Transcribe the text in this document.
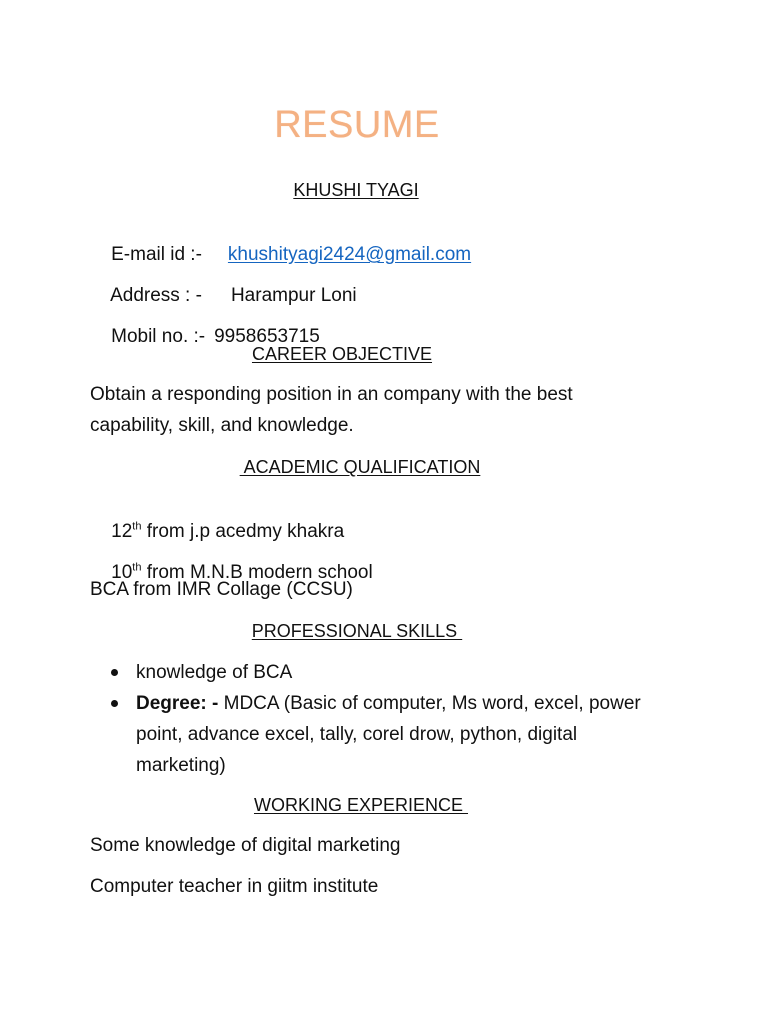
RESUME
KHUSHI TYAGI

E-mail id :- khushityagi2424@gmail.com

Address : - Harampur Loni

Mobil no. :- 9958653715

CAREER OBJECTIVE
Obtain a responding position in an company with the best
capability, skill, and knowledge.
ACADEMIC QUALIFICATION

12th from j.p acedmy khakra

10th from M.N.B modern school

BCA from IMR Collage (CCSU)
PROFESSIONAL SKILLS
knowledge of BCA
Degree: - MDCA (Basic of computer, Ms word, excel, power point, advance excel, tally, corel drow, python, digital marketing)
WORKING EXPERIENCE
Some knowledge of digital marketing
Computer teacher in giitm institute
